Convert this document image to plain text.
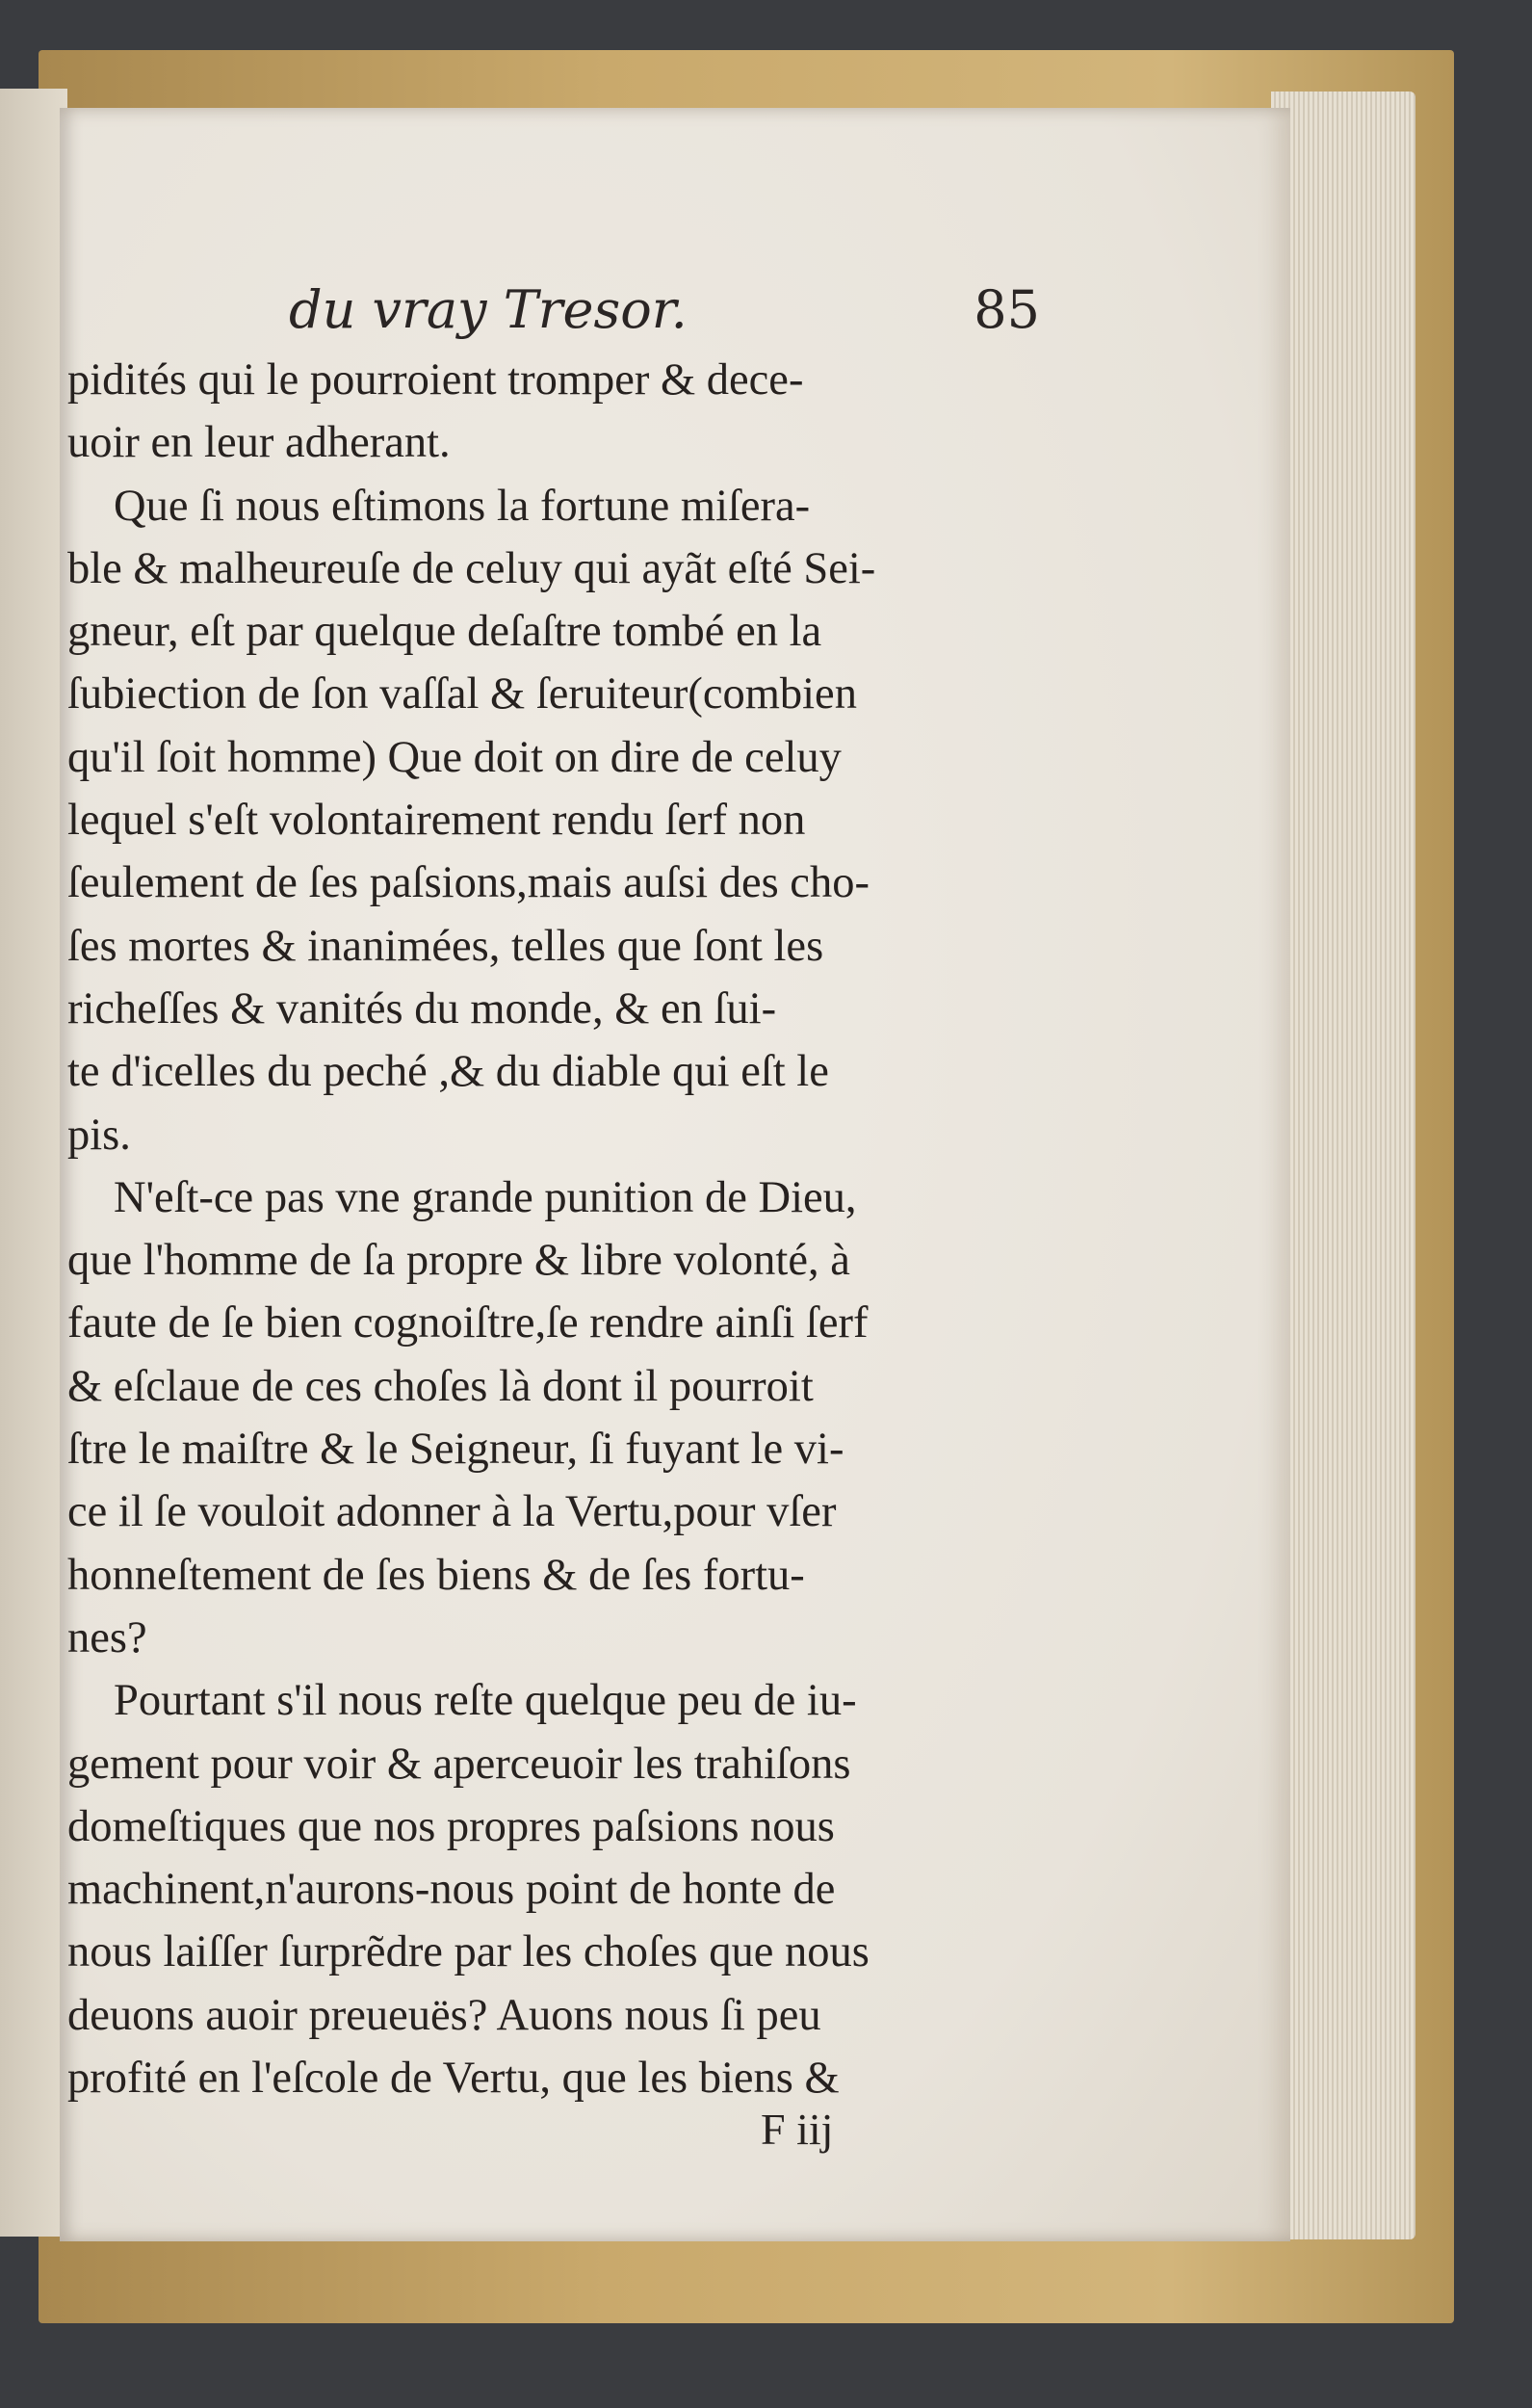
du vray Tresor.	85
pidités qui le pourroient tromper & dece-
uoir en leur adherant.
Que ſi nous eſtimons la fortune miſera-
ble & malheureuſe de celuy qui ayãt eſté Sei-
gneur, eſt par quelque deſaſtre tombé en la
ſubiection de ſon vaſſal & ſeruiteur(combien
qu'il ſoit homme) Que doit on dire de celuy
lequel s'eſt volontairement rendu ſerf non
ſeulement de ſes paſsions,mais auſsi des cho-
ſes mortes & inanimées, telles que ſont les
richeſſes & vanités du monde, & en ſui-
te d'icelles du peché ,& du diable qui eſt le
pis.
N'eſt-ce pas vne grande punition de Dieu,
que l'homme de ſa propre & libre volonté, à
faute de ſe bien cognoiſtre,ſe rendre ainſi ſerf
& eſclaue de ces choſes là dont il pourroit
ſtre le maiſtre & le Seigneur, ſi fuyant le vi-
ce il ſe vouloit adonner à la Vertu,pour vſer
honneſtement de ſes biens & de ſes fortu-
nes?
Pourtant s'il nous reſte quelque peu de iu-
gement pour voir & aperceuoir les trahiſons
domeſtiques que nos propres paſsions nous
machinent,n'aurons-nous point de honte de
nous laiſſer ſurprẽdre par les choſes que nous
deuons auoir preueuës? Auons nous ſi peu
profité en l'eſcole de Vertu, que les biens &
F iij
